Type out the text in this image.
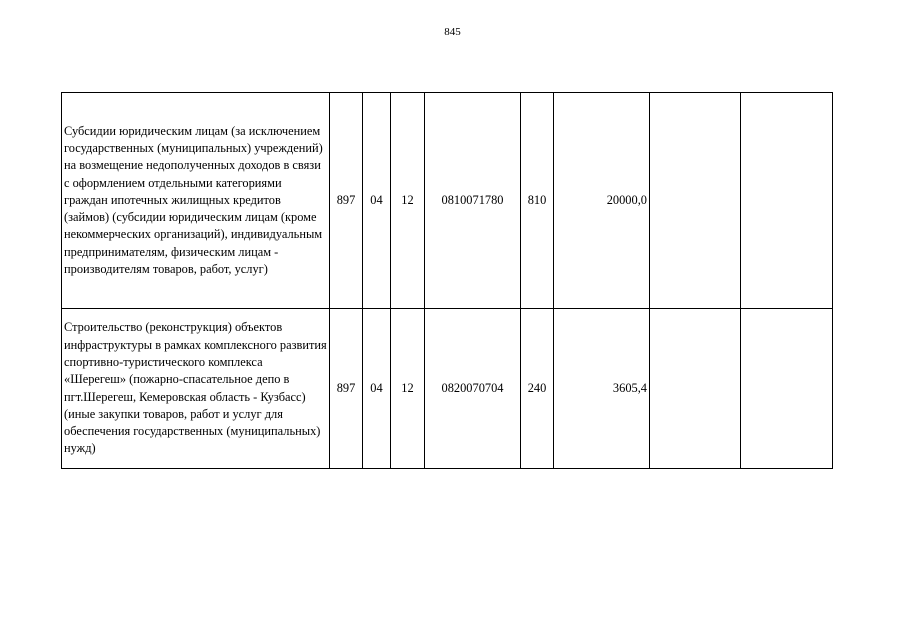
845
Субсидии юридическим лицам (за исключением государственных (муниципальных) учреждений) на возмещение недополученных доходов в связи с оформлением отдельными категориями граждан ипотечных жилищных кредитов (займов) (субсидии юридическим лицам (кроме некоммерческих организаций), индивидуальным предпринимателям, физическим лицам - производителям товаров, работ, услуг)	897	04	12	0810071780	810	20000,0		
Строительство (реконструкция) объектов инфраструктуры в рамках комплексного развития спортивно-туристического комплекса «Шерегеш» (пожарно-спасательное депо в пгт.Шерегеш, Кемеровская область - Кузбасс) (иные закупки товаров, работ и услуг для обеспечения государственных (муниципальных) нужд)	897	04	12	0820070704	240	3605,4		
